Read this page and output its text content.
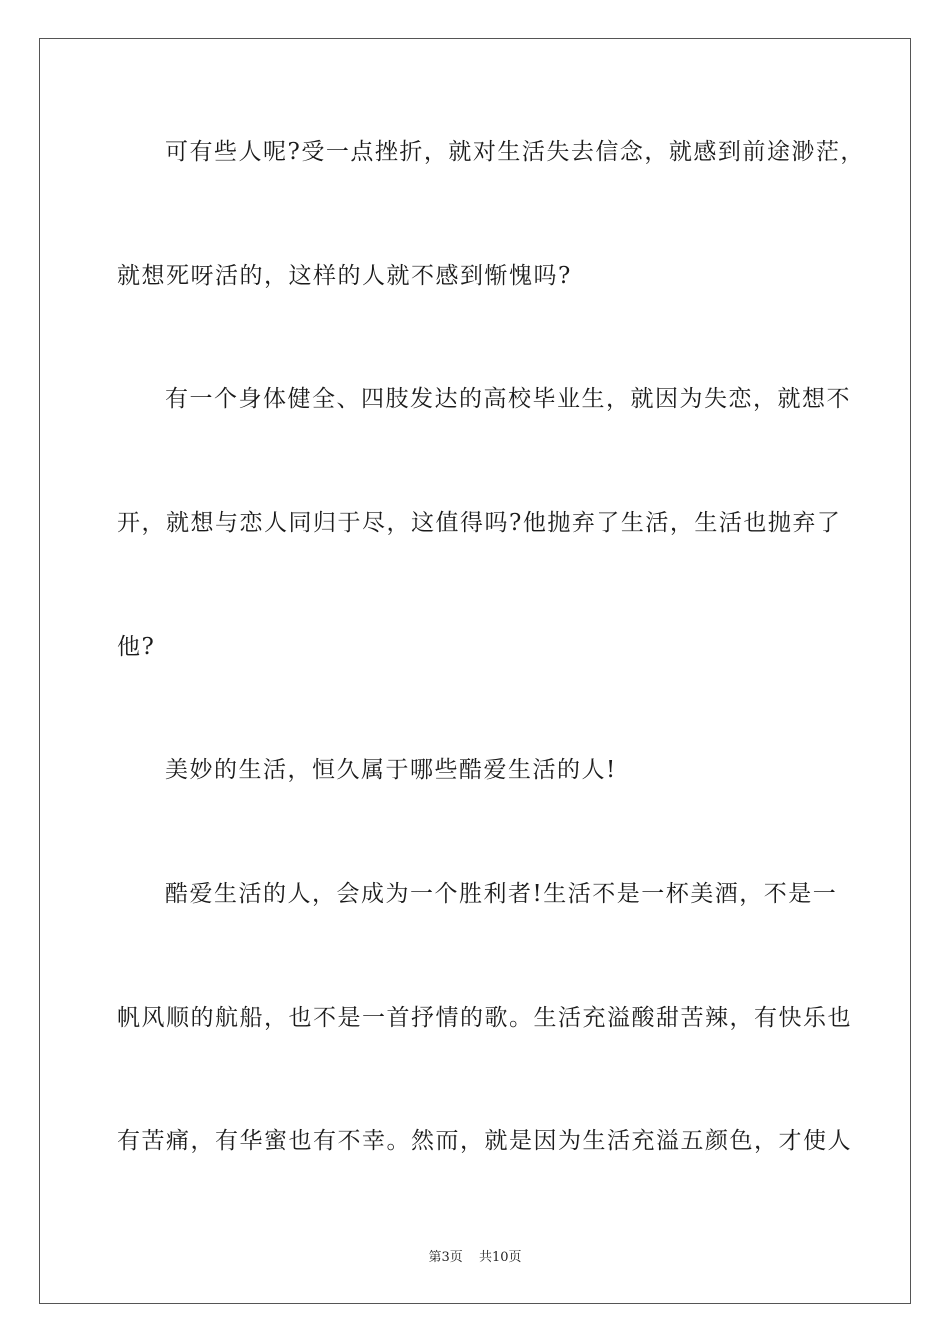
可有些人呢?受一点挫折，就对生活失去信念，就感到前途渺茫，
就想死呀活的，这样的人就不感到惭愧吗?
有一个身体健全、四肢发达的高校毕业生，就因为失恋，就想不
开，就想与恋人同归于尽，这值得吗?他抛弃了生活，生活也抛弃了
他?
美妙的生活，恒久属于哪些酷爱生活的人!
酷爱生活的人，会成为一个胜利者!生活不是一杯美酒，不是一
帆风顺的航船，也不是一首抒情的歌。生活充溢酸甜苦辣，有快乐也
有苦痛，有华蜜也有不幸。然而，就是因为生活充溢五颜色，才使人
第3页 共10页
